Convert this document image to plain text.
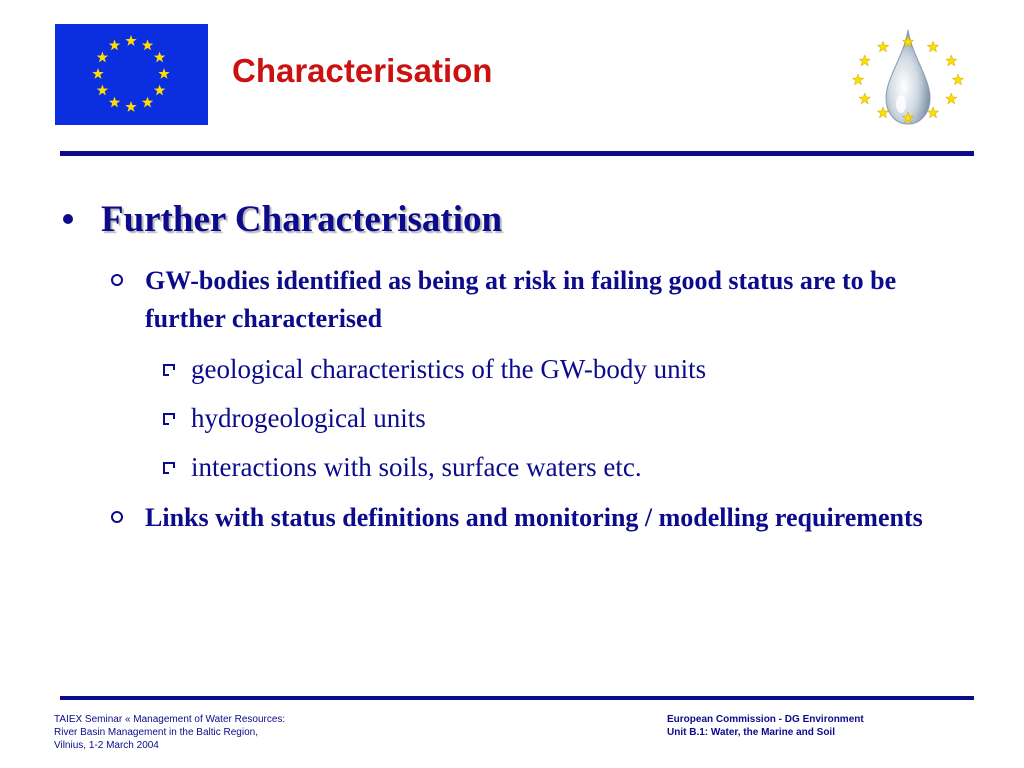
Characterisation
Further Characterisation
GW-bodies identified as being at risk in failing good status are to be further characterised
geological characteristics of the GW-body units
hydrogeological units
interactions with soils, surface waters etc.
Links with status definitions and monitoring / modelling requirements
TAIEX Seminar « Management of Water Resources:
River Basin Management in the Baltic Region,
Vilnius, 1-2 March 2004
European Commission - DG Environment
Unit B.1: Water, the Marine and Soil
